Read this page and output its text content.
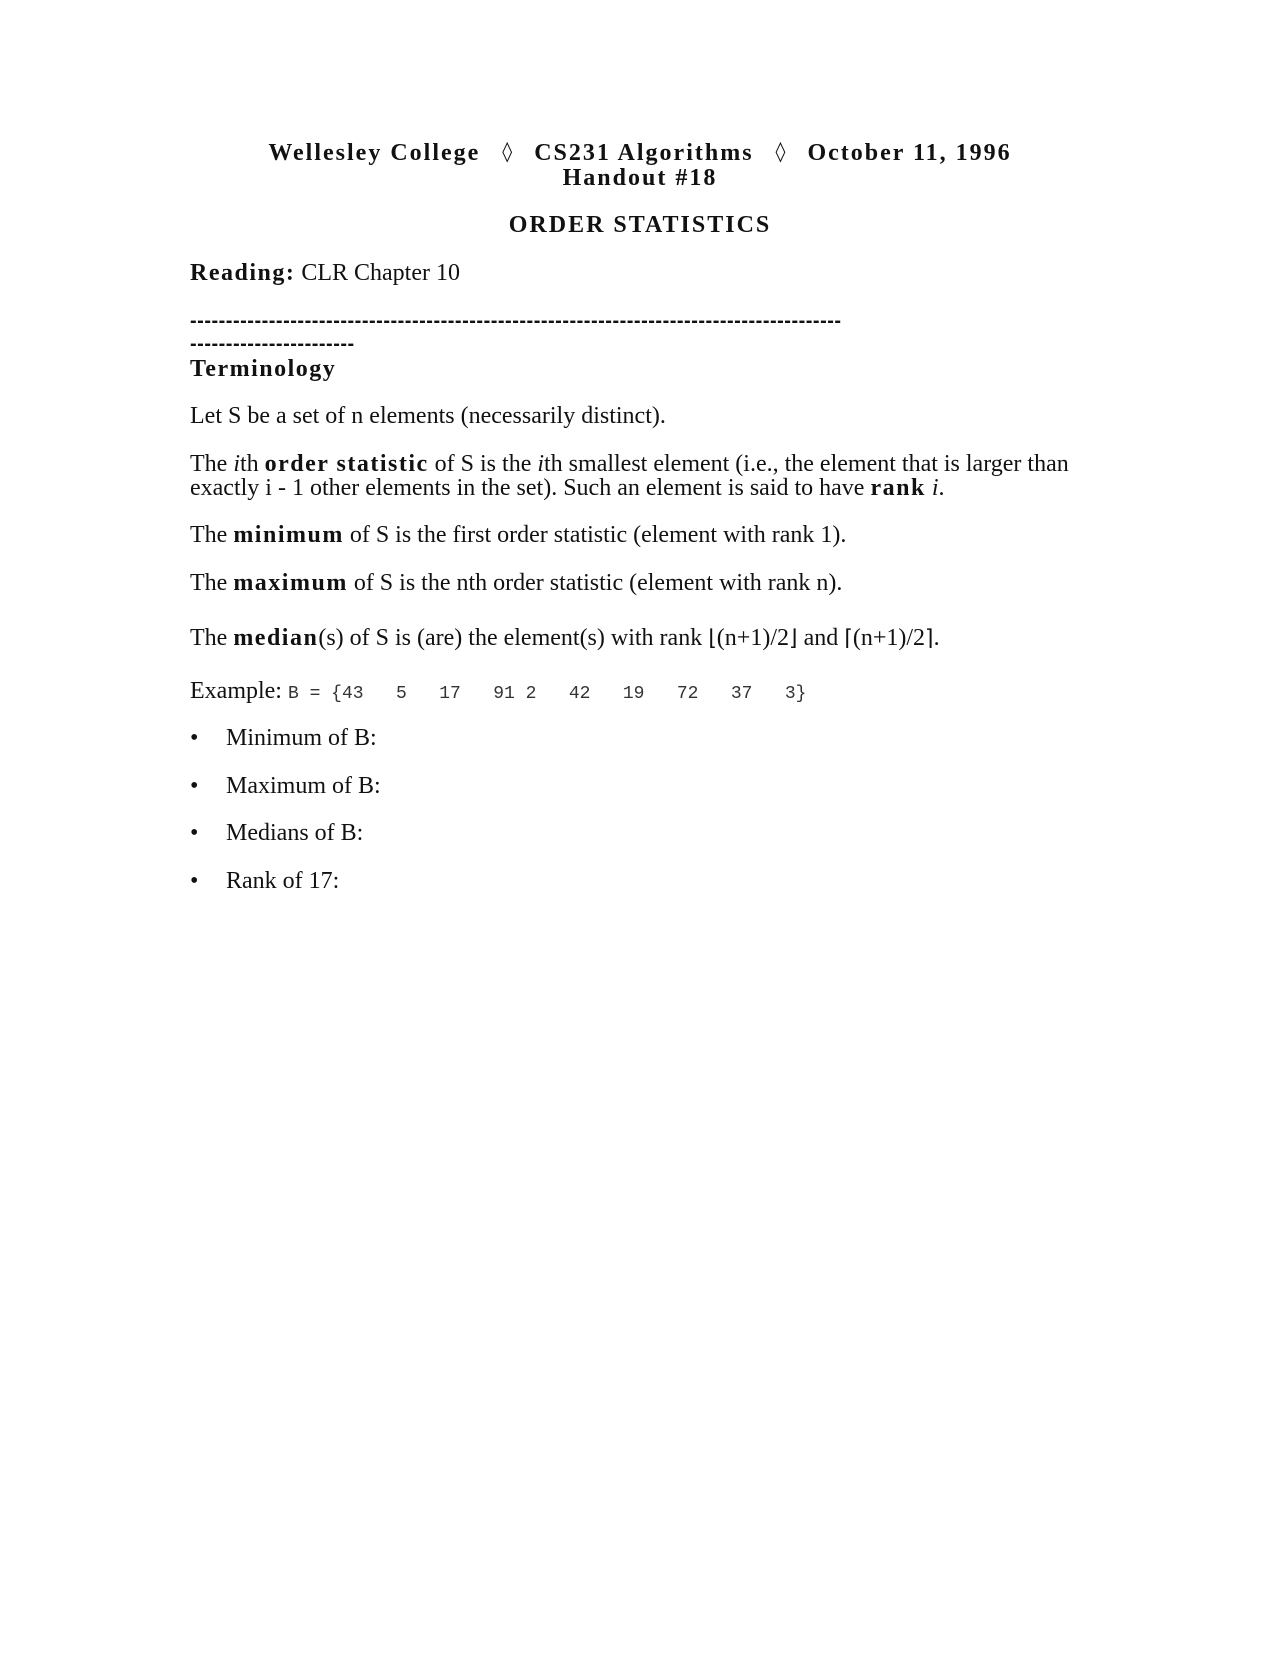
Wellesley College ◊ CS231 Algorithms ◊ October 11, 1996
Handout #18
ORDER STATISTICS
Reading: CLR Chapter 10
-------------------------------------------------------------------------------------------
-----------------------
Terminology
Let S be a set of n elements (necessarily distinct).
The ith order statistic of S is the ith smallest element (i.e., the element that is larger than
exactly i - 1 other elements in the set). Such an element is said to have rank i.
The minimum of S is the first order statistic (element with rank 1).
The maximum of S is the nth order statistic (element with rank n).
The median(s) of S is (are) the element(s) with rank ⌊(n+1)/2⌋ and ⌈(n+1)/2⌉.
Example: B = {43   5   17   91 2   42   19   72   37   3}
• Minimum of B:
• Maximum of B:
• Medians of B:
• Rank of 17:
